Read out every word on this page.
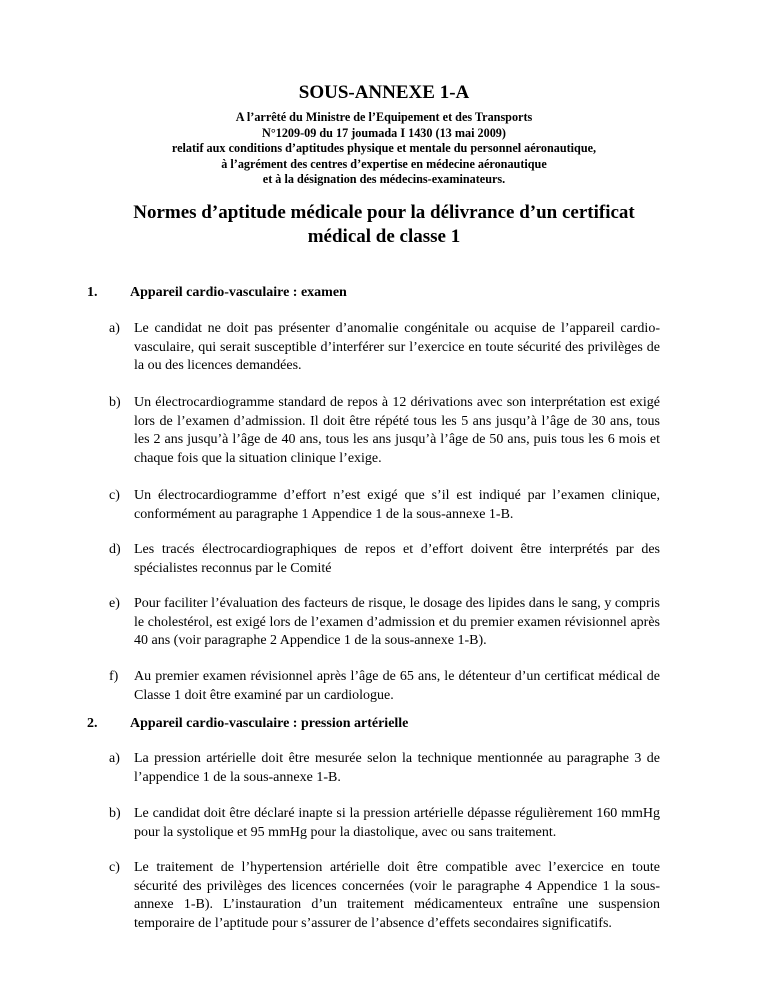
SOUS-ANNEXE 1-A
A l’arrêté du Ministre de l’Equipement et des Transports
N°1209-09 du 17 joumada I 1430 (13 mai 2009)
relatif aux conditions d’aptitudes physique et mentale du personnel aéronautique,
à l’agrément des centres d’expertise en médecine aéronautique
et à la désignation des médecins-examinateurs.
Normes d’aptitude médicale pour la délivrance d’un certificat
médical de classe 1
1. Appareil cardio-vasculaire : examen
a) Le candidat ne doit pas présenter d’anomalie congénitale ou acquise de l’appareil cardio-vasculaire, qui serait susceptible d’interférer sur l’exercice en toute sécurité des privilèges de la ou des licences demandées.
b) Un électrocardiogramme standard de repos à 12 dérivations avec son interprétation est exigé lors de l’examen d’admission. Il doit être répété tous les 5 ans jusqu’à l’âge de 30 ans, tous les 2 ans jusqu’à l’âge de 40 ans, tous les ans jusqu’à l’âge de 50 ans, puis tous les 6 mois et chaque fois que la situation clinique l’exige.
c) Un électrocardiogramme d’effort n’est exigé que s’il est indiqué par l’examen clinique, conformément au paragraphe 1 Appendice 1 de la sous-annexe 1-B.
d) Les tracés électrocardiographiques de repos et d’effort doivent être interprétés par des spécialistes reconnus par le Comité
e) Pour faciliter l’évaluation des facteurs de risque, le dosage des lipides dans le sang, y compris le cholestérol, est exigé lors de l’examen d’admission et du premier examen révisionnel après 40 ans (voir paragraphe 2 Appendice 1 de la sous-annexe 1-B).
f) Au premier examen révisionnel après l’âge de 65 ans, le détenteur d’un certificat médical de Classe 1 doit être examiné par un cardiologue.
2. Appareil cardio-vasculaire : pression artérielle
a) La pression artérielle doit être mesurée selon la technique mentionnée au paragraphe 3 de l’appendice 1 de la sous-annexe 1-B.
b) Le candidat doit être déclaré inapte si la pression artérielle dépasse régulièrement 160 mmHg pour la systolique et 95 mmHg pour la diastolique, avec ou sans traitement.
c) Le traitement de l’hypertension artérielle doit être compatible avec l’exercice en toute sécurité des privilèges des licences concernées (voir le paragraphe 4 Appendice 1 la sous-annexe 1-B). L’instauration d’un traitement médicamenteux entraîne une suspension temporaire de l’aptitude pour s’assurer de l’absence d’effets secondaires significatifs.
